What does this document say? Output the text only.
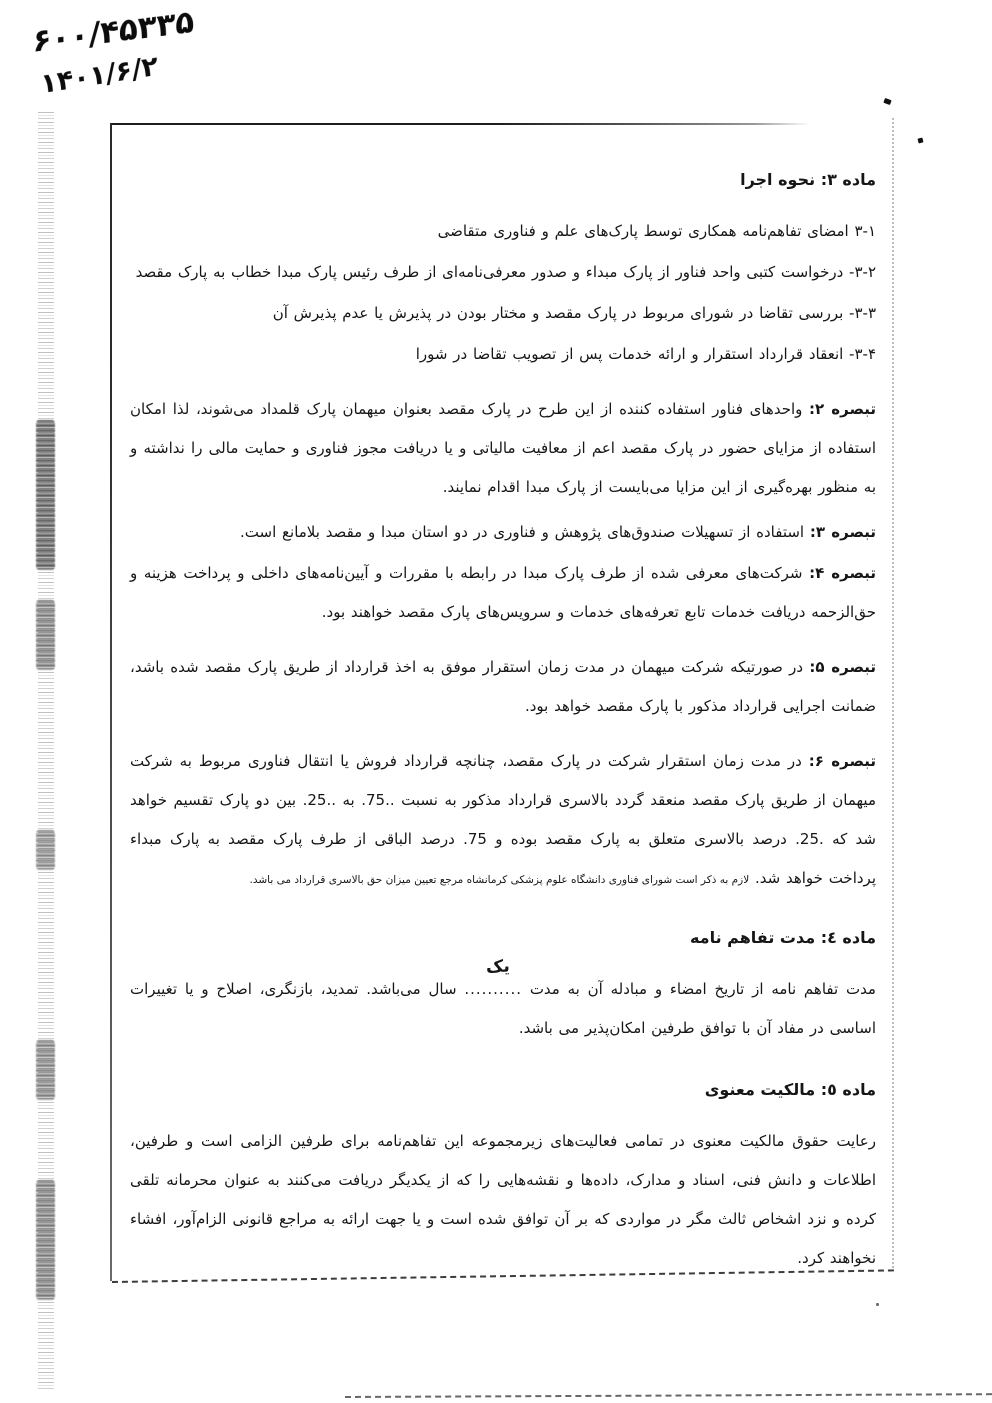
۶۰۰/۴۵۳۳۵
۱۴۰۱/۶/۲
ماده ۳: نحوه اجرا

۳-۱ امضای تفاهم‌نامه همکاری توسط پارک‌های علم و فناوری متقاضی

۳-۲- درخواست کتبی واحد فناور از پارک مبداء و صدور معرفی‌نامه‌ای از طرف رئیس پارک مبدا خطاب به پارک مقصد

۳-۳- بررسی تقاضا در شورای مربوط در پارک مقصد و مختار بودن در پذیرش یا عدم پذیرش آن

۳-۴- انعقاد قرارداد استقرار و ارائه خدمات پس از تصویب تقاضا در شورا

تبصره ۲: واحدهای فناور استفاده کننده از این طرح در پارک مقصد بعنوان میهمان پارک قلمداد می‌شوند، لذا امکان استفاده از مزایای حضور در پارک مقصد اعم از معافیت مالیاتی و یا دریافت مجوز فناوری و حمایت مالی را نداشته و به منظور بهره‌گیری از این مزایا می‌بایست از پارک مبدا اقدام نمایند.

تبصره ۳: استفاده از تسهیلات صندوق‌های پژوهش و فناوری در دو استان مبدا و مقصد بلامانع است.

تبصره ۴: شرکت‌های معرفی شده از طرف پارک مبدا در رابطه با مقررات و آیین‌نامه‌های داخلی و پرداخت هزینه و حق‌الزحمه دریافت خدمات تابع تعرفه‌های خدمات و سرویس‌های پارک مقصد خواهند بود.

تبصره ۵: در صورتیکه شرکت میهمان در مدت زمان استقرار موفق به اخذ قرارداد از طریق پارک مقصد شده باشد، ضمانت اجرایی قرارداد مذکور با پارک مقصد خواهد بود.

تبصره ۶: در مدت زمان استقرار شرکت در پارک مقصد، چنانچه قرارداد فروش یا انتقال فناوری مربوط به شرکت میهمان از طریق پارک مقصد منعقد گردد بالاسری قرارداد مذکور به نسبت ..75. به ..25. بین دو پارک تقسیم خواهد شد که .25. درصد بالاسری متعلق به پارک مقصد بوده و 75. درصد الباقی از طرف پارک مقصد به پارک مبداء پرداخت خواهد شد. لازم به ذکر است شورای فناوری دانشگاه علوم پزشکی کرمانشاه مرجع تعیین میزان حق بالاسری قرارداد می باشد.

ماده ٤: مدت تفاهم نامه

مدت تفاهم نامه از تاریخ امضاء و مبادله آن به مدت ..........
یک
سال می‌باشد. تمدید، بازنگری، اصلاح و یا تغییرات اساسی در مفاد آن با توافق طرفین امکان‌پذیر می باشد.

ماده ٥: مالکیت معنوی

رعایت حقوق مالکیت معنوی در تمامی فعالیت‌های زیرمجموعه این تفاهم‌نامه برای طرفین الزامی است و طرفین، اطلاعات و دانش فنی، اسناد و مدارک، داده‌ها و نقشه‌هایی را که از یکدیگر دریافت می‌کنند به عنوان محرمانه تلقی کرده و نزد اشخاص ثالث مگر در مواردی که بر آن توافق شده است و یا جهت ارائه به مراجع قانونی الزام‌آور، افشاء نخواهند کرد.
